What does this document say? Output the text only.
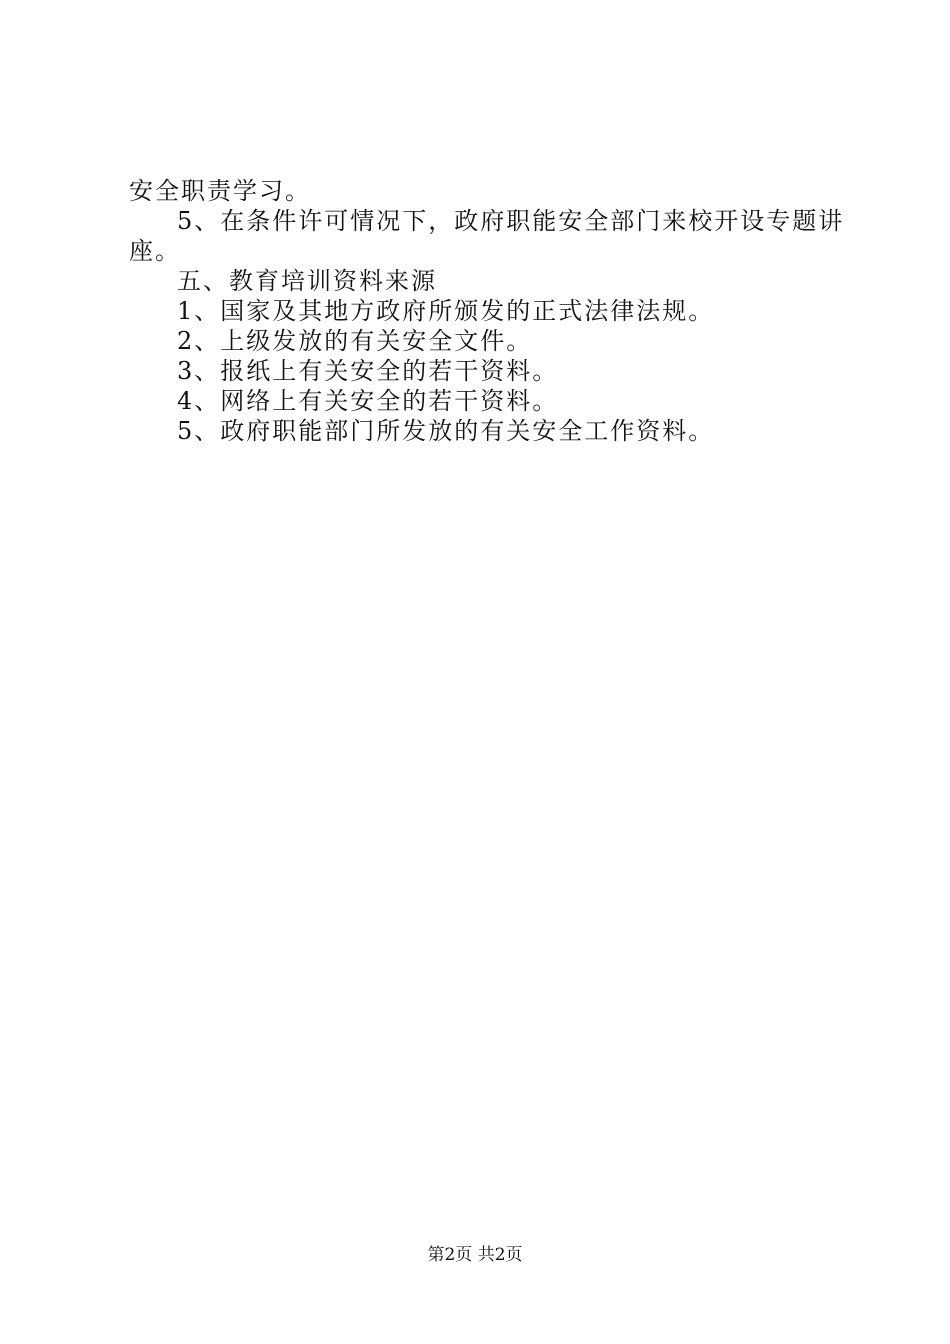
安全职责学习。
5、在条件许可情况下，政府职能安全部门来校开设专题讲
座。
五、教育培训资料来源
1、国家及其地方政府所颁发的正式法律法规。
2、上级发放的有关安全文件。
3、报纸上有关安全的若干资料。
4、网络上有关安全的若干资料。
5、政府职能部门所发放的有关安全工作资料。
第2页 共2页
